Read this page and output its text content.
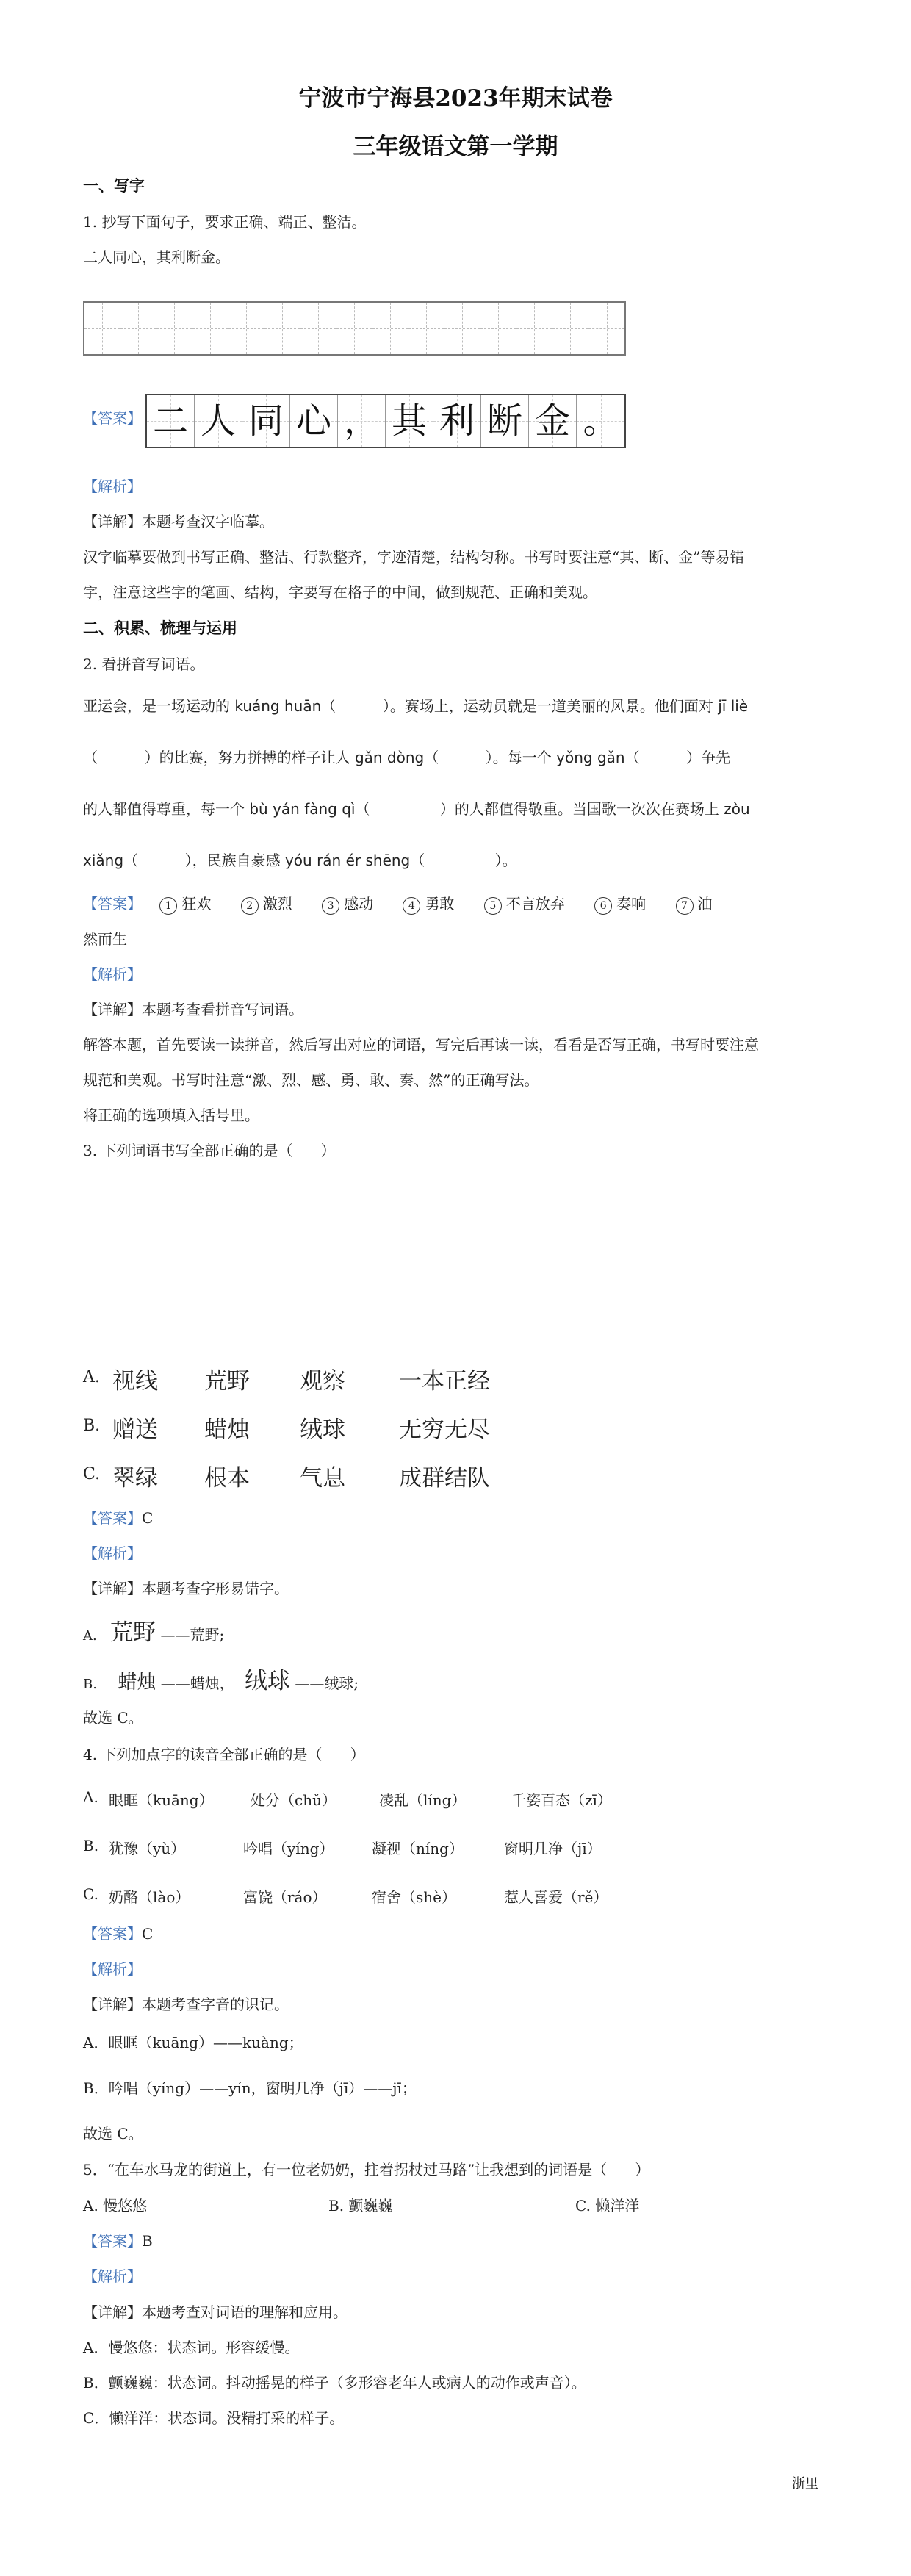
宁波市宁海县2023年期末试卷
三年级语文第一学期
一、写字
1. 抄写下面句子，要求正确、端正、整洁。
二人同心，其利断金。
【答案】 二 人 同 心 ， 其 利 断 金 。
【解析】
【详解】本题考查汉字临摹。
汉字临摹要做到书写正确、整洁、行款整齐，字迹清楚，结构匀称。书写时要注意“其、断、金”等易错
字，注意这些字的笔画、结构，字要写在格子的中间，做到规范、正确和美观。
二、积累、梳理与运用
2. 看拼音写词语。
亚运会，是一场运动的 kuáng huān（          ）。赛场上，运动员就是一道美丽的风景。他们面对 jī liè
（          ）的比赛，努力拼搏的样子让人 gǎn dòng（          ）。每一个 yǒng gǎn（          ）争先
的人都值得尊重，每一个 bù yán fàng qì（               ）的人都值得敬重。当国歌一次次在赛场上 zòu
xiǎng（          ），民族自豪感 yóu rán ér shēng（               ）。
【答案】 1 狂欢	2 激烈	3 感动	4 勇敢	5 不言放弃	6 奏响	7 油
然而生
【解析】
【详解】本题考查看拼音写词语。
解答本题，首先要读一读拼音，然后写出对应的词语，写完后再读一读，看看是否写正确，书写时要注意
规范和美观。书写时注意“激、烈、感、勇、敢、奏、然”的正确写法。
将正确的选项填入括号里。
3. 下列词语书写全部正确的是（      ）
A. 视线 荒野 观察 一本正经
B. 赠送 蜡烛 绒球 无穷无尽
C. 翠绿 根本 气息 成群结队
【答案】C
【解析】
【详解】本题考查字形易错字。
A. 荒野 ——荒野;
B. 蜡烛 ——蜡烛， 绒球 ——绒球;
故选 C。
4. 下列加点字的读音全部正确的是（      ）
A. 眼眶（kuāng）	处分（chǔ）	凌乱（líng）	千姿百态（zī）
B. 犹豫（yù）	吟唱（yíng）	凝视（níng）	窗明几净（jī）
C. 奶酪（lào）	富饶（ráo）	宿舍（shè）	惹人喜爱（rě）
【答案】C
【解析】
【详解】本题考查字音的识记。
A．眼眶（kuāng）——kuàng；
B．吟唱（yíng）——yín，窗明几净（jī）——jī；
故选 C。
5．“在车水马龙的街道上，有一位老奶奶，拄着拐杖过马路”让我想到的词语是（      ）
A. 慢悠悠	B. 颤巍巍	C. 懒洋洋
【答案】B
【解析】
【详解】本题考查对词语的理解和应用。
A．慢悠悠：状态词。形容缓慢。
B．颤巍巍：状态词。抖动摇晃的样子（多形容老年人或病人的动作或声音）。
C．懒洋洋：状态词。没精打采的样子。
浙里
